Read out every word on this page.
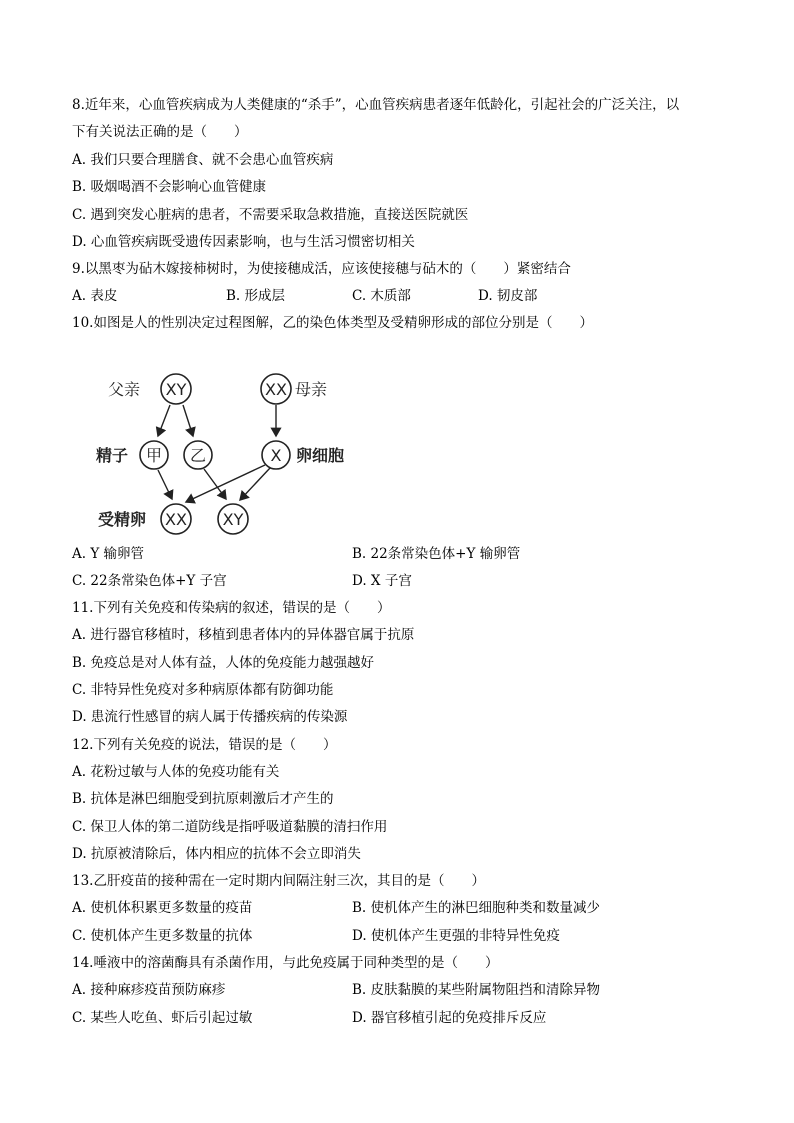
8.近年来，心血管疾病成为人类健康的“杀手”，心血管疾病患者逐年低龄化，引起社会的广泛关注，以
下有关说法正确的是（　　）
A. 我们只要合理膳食、就不会患心血管疾病
B. 吸烟喝酒不会影响心血管健康
C. 遇到突发心脏病的患者，不需要采取急救措施，直接送医院就医
D. 心血管疾病既受遗传因素影响，也与生活习惯密切相关
9.以黑枣为砧木嫁接柿树时，为使接穗成活，应该使接穗与砧木的（　　）紧密结合
A. 表皮	B. 形成层	C. 木质部	D. 韧皮部
10.如图是人的性别决定过程图解，乙的染色体类型及受精卵形成的部位分别是（　　）
父亲 XY	XX 母亲
精子 甲 乙	X 卵细胞
受精卵 XX XY
A. Y 输卵管	B. 22条常染色体+Y 输卵管
C. 22条常染色体+Y 子宫	D. X 子宫
11.下列有关免疫和传染病的叙述，错误的是（　　）
A. 进行器官移植时，移植到患者体内的异体器官属于抗原
B. 免疫总是对人体有益，人体的免疫能力越强越好
C. 非特异性免疫对多种病原体都有防御功能
D. 患流行性感冒的病人属于传播疾病的传染源
12.下列有关免疫的说法，错误的是（　　）
A. 花粉过敏与人体的免疫功能有关
B. 抗体是淋巴细胞受到抗原刺激后才产生的
C. 保卫人体的第二道防线是指呼吸道黏膜的清扫作用
D. 抗原被清除后，体内相应的抗体不会立即消失
13.乙肝疫苗的接种需在一定时期内间隔注射三次，其目的是（　　）
A. 使机体积累更多数量的疫苗	B. 使机体产生的淋巴细胞种类和数量减少
C. 使机体产生更多数量的抗体	D. 使机体产生更强的非特异性免疫
14.唾液中的溶菌酶具有杀菌作用，与此免疫属于同种类型的是（　　）
A. 接种麻疹疫苗预防麻疹	B. 皮肤黏膜的某些附属物阻挡和清除异物
C. 某些人吃鱼、虾后引起过敏	D. 器官移植引起的免疫排斥反应
